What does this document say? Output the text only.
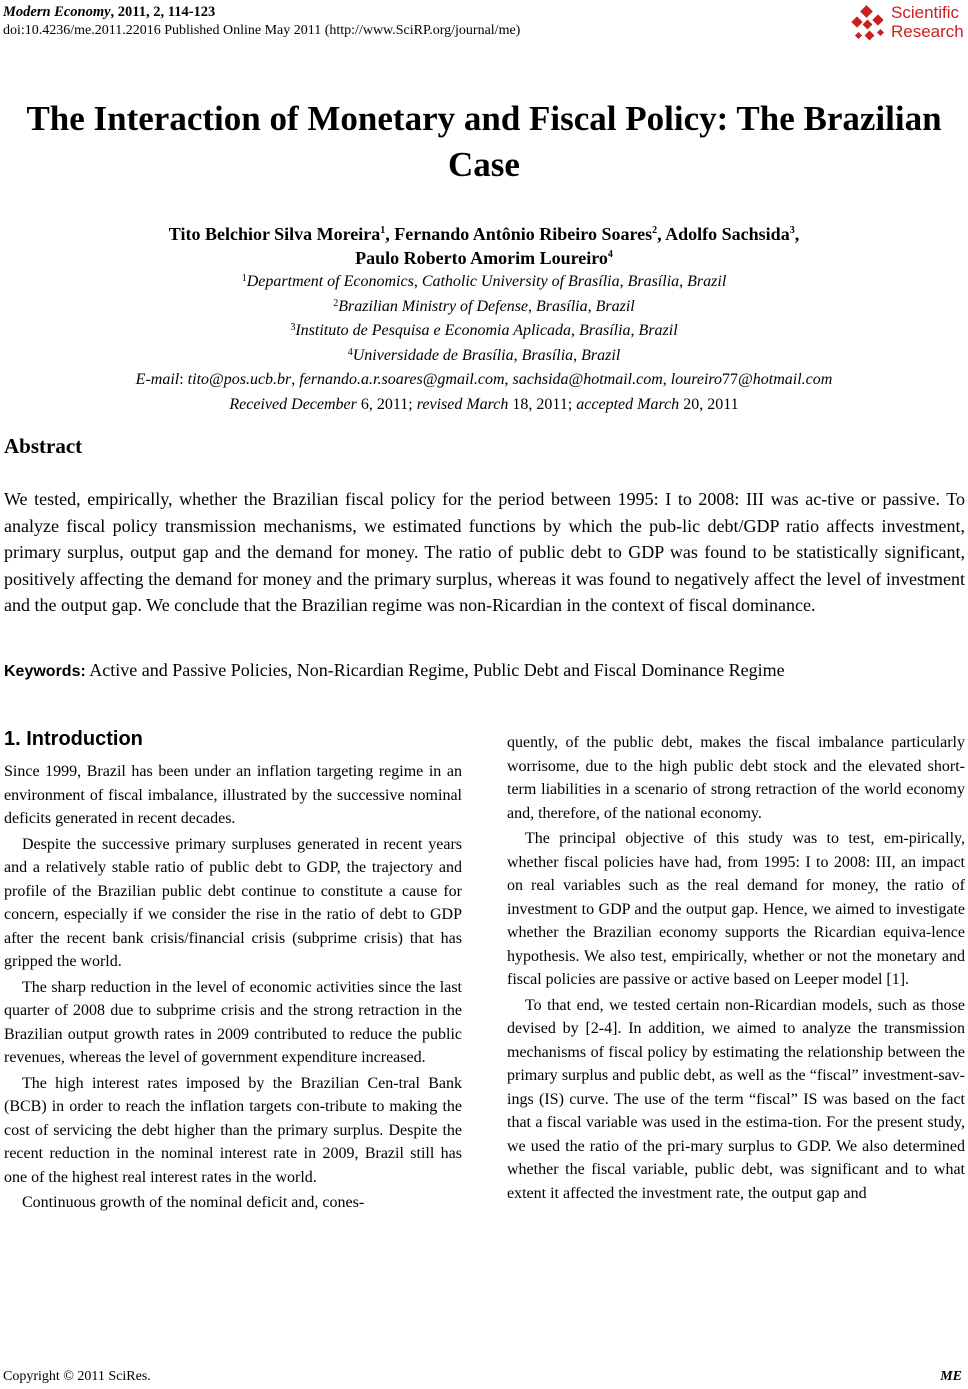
Modern Economy, 2011, 2, 114-123
doi:10.4236/me.2011.22016 Published Online May 2011 (http://www.SciRP.org/journal/me)
Scientific
Research
The Interaction of Monetary and Fiscal Policy: The Brazilian Case
Tito Belchior Silva Moreira$^1$, Fernando Antônio Ribeiro Soares$^2$, Adolfo Sachsida$^3$,
Paulo Roberto Amorim Loureiro$^4$
$^1$Department of Economics, Catholic University of Brasília, Brasília, Brazil
$^2$Brazilian Ministry of Defense, Brasília, Brazil
$^3$Instituto de Pesquisa e Economia Aplicada, Brasília, Brazil
$^4$Universidade de Brasília, Brasília, Brazil
E-mail: tito@pos.ucb.br, fernando.a.r.soares@gmail.com, sachsida@hotmail.com, loureiro77@hotmail.com
Received December 6, 2011; revised March 18, 2011; accepted March 20, 2011
Abstract
We tested, empirically, whether the Brazilian fiscal policy for the period between 1995: I to 2008: III was ac-tive or passive. To analyze fiscal policy transmission mechanisms, we estimated functions by which the pub-lic debt/GDP ratio affects investment, primary surplus, output gap and the demand for money. The ratio of public debt to GDP was found to be statistically significant, positively affecting the demand for money and the primary surplus, whereas it was found to negatively affect the level of investment and the output gap. We conclude that the Brazilian regime was non-Ricardian in the context of fiscal dominance.
Keywords: Active and Passive Policies, Non-Ricardian Regime, Public Debt and Fiscal Dominance Regime
1. Introduction

Since 1999, Brazil has been under an inflation targeting regime in an environment of fiscal imbalance, illustrated by the successive nominal deficits generated in recent decades.

Despite the successive primary surpluses generated in recent years and a relatively stable ratio of public debt to GDP, the trajectory and profile of the Brazilian public debt continue to constitute a cause for concern, especially if we consider the rise in the ratio of debt to GDP after the recent bank crisis/financial crisis (subprime crisis) that has gripped the world.

The sharp reduction in the level of economic activities since the last quarter of 2008 due to subprime crisis and the strong retraction in the Brazilian output growth rates in 2009 contributed to reduce the public revenues, whereas the level of government expenditure increased.

The high interest rates imposed by the Brazilian Cen-tral Bank (BCB) in order to reach the inflation targets con-tribute to making the cost of servicing the debt higher than the primary surplus. Despite the recent reduction in the nominal interest rate in 2009, Brazil still has one of the highest real interest rates in the world.

Continuous growth of the nominal deficit and, cones-

quently, of the public debt, makes the fiscal imbalance particularly worrisome, due to the high public debt stock and the elevated short-term liabilities in a scenario of strong retraction of the world economy and, therefore, of the national economy.

The principal objective of this study was to test, em-pirically, whether fiscal policies have had, from 1995: I to 2008: III, an impact on real variables such as the real demand for money, the ratio of investment to GDP and the output gap. Hence, we aimed to investigate whether the Brazilian economy supports the Ricardian equiva-lence hypothesis. We also test, empirically, whether or not the monetary and fiscal policies are passive or active based on Leeper model [1].

To that end, we tested certain non-Ricardian models, such as those devised by [2-4]. In addition, we aimed to analyze the transmission mechanisms of fiscal policy by estimating the relationship between the primary surplus and public debt, as well as the “fiscal” investment-sav-ings (IS) curve. The use of the term “fiscal” IS was based on the fact that a fiscal variable was used in the estima-tion. For the present study, we used the ratio of the pri-mary surplus to GDP. We also determined whether the fiscal variable, public debt, was significant and to what extent it affected the investment rate, the output gap and

Copyright © 2011 SciRes.	ME
